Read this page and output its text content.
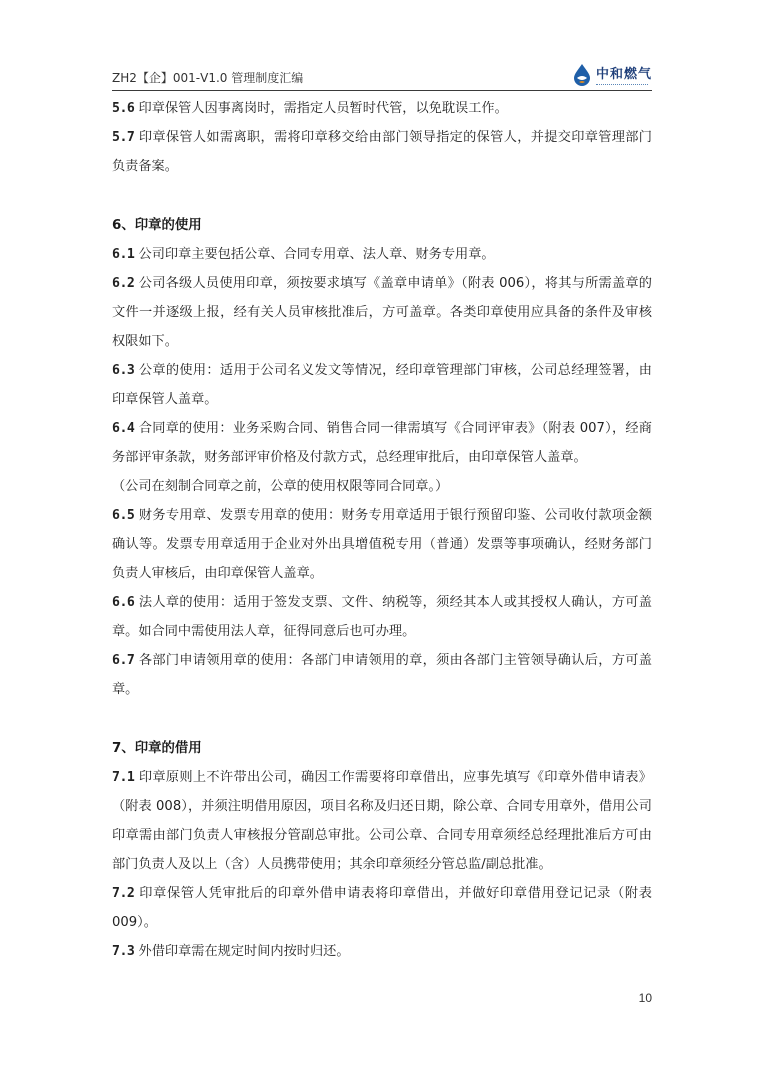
ZH2【企】001-V1.0 管理制度汇编	中和燃气

5.6 印章保管人因事离岗时，需指定人员暂时代管，以免耽误工作。

5.7 印章保管人如需离职，需将印章移交给由部门领导指定的保管人，并提交印章管理部门负责备案。

6、印章的使用

6.1 公司印章主要包括公章、合同专用章、法人章、财务专用章。

6.2 公司各级人员使用印章，须按要求填写《盖章申请单》（附表 006），将其与所需盖章的文件一并逐级上报，经有关人员审核批准后，方可盖章。各类印章使用应具备的条件及审核权限如下。

6.3 公章的使用：适用于公司名义发文等情况，经印章管理部门审核，公司总经理签署，由印章保管人盖章。

6.4 合同章的使用：业务采购合同、销售合同一律需填写《合同评审表》（附表 007），经商务部评审条款，财务部评审价格及付款方式，总经理审批后，由印章保管人盖章。

（公司在刻制合同章之前，公章的使用权限等同合同章。）

6.5 财务专用章、发票专用章的使用：财务专用章适用于银行预留印鉴、公司收付款项金额确认等。发票专用章适用于企业对外出具增值税专用（普通）发票等事项确认，经财务部门负责人审核后，由印章保管人盖章。

6.6 法人章的使用：适用于签发支票、文件、纳税等，须经其本人或其授权人确认，方可盖章。如合同中需使用法人章，征得同意后也可办理。

6.7 各部门申请领用章的使用：各部门申请领用的章，须由各部门主管领导确认后，方可盖章。

7、印章的借用

7.1 印章原则上不许带出公司，确因工作需要将印章借出，应事先填写《印章外借申请表》（附表 008），并须注明借用原因，项目名称及归还日期，除公章、合同专用章外，借用公司印章需由部门负责人审核报分管副总审批。公司公章、合同专用章须经总经理批准后方可由部门负责人及以上（含）人员携带使用；其余印章须经分管总监/副总批准。

7.2 印章保管人凭审批后的印章外借申请表将印章借出，并做好印章借用登记记录（附表 009）。

7.3 外借印章需在规定时间内按时归还。

10
